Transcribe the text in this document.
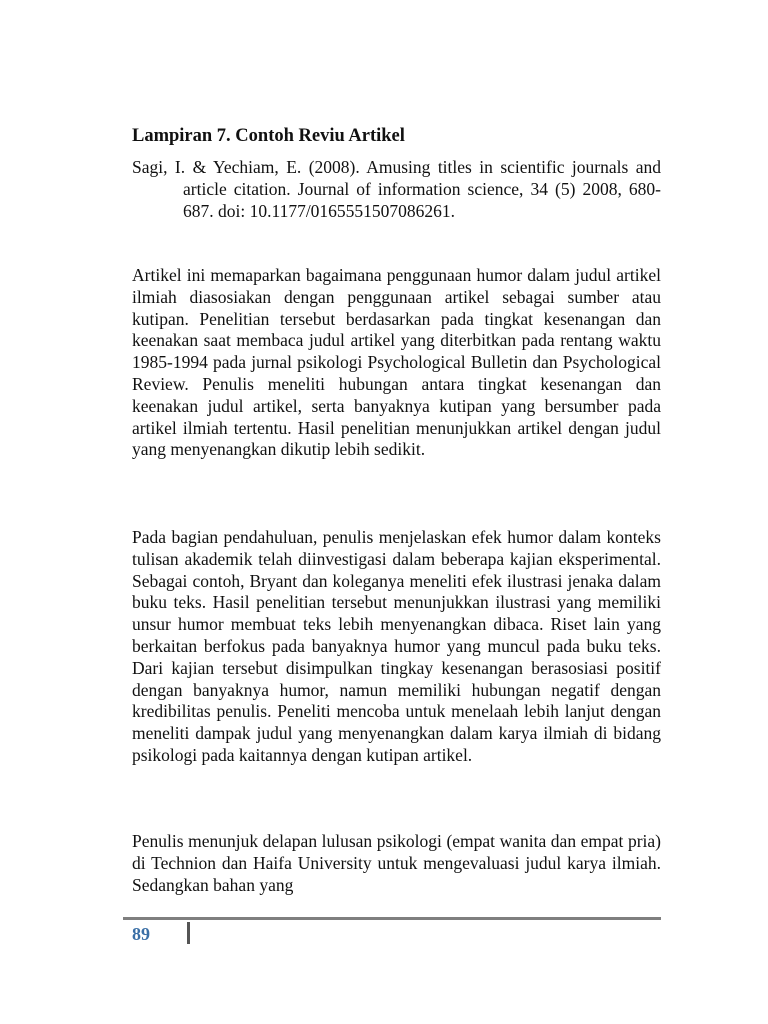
Lampiran 7. Contoh Reviu Artikel
Sagi, I. & Yechiam, E. (2008). Amusing titles in scientific journals and article citation. Journal of information science, 34 (5) 2008, 680-687. doi: 10.1177/0165551507086261.

Artikel ini memaparkan bagaimana penggunaan humor dalam judul artikel ilmiah diasosiakan dengan penggunaan artikel sebagai sumber atau kutipan. Penelitian tersebut berdasarkan pada tingkat kesenangan dan keenakan saat membaca judul artikel yang diterbitkan pada rentang waktu 1985-1994 pada jurnal psikologi Psychological Bulletin dan Psychological Review. Penulis meneliti hubungan antara tingkat kesenangan dan keenakan judul artikel, serta banyaknya kutipan yang bersumber pada artikel ilmiah tertentu. Hasil penelitian menunjukkan artikel dengan judul yang menyenangkan dikutip lebih sedikit.

Pada bagian pendahuluan, penulis menjelaskan efek humor dalam konteks tulisan akademik telah diinvestigasi dalam beberapa kajian eksperimental. Sebagai contoh, Bryant dan koleganya meneliti efek ilustrasi jenaka dalam buku teks. Hasil penelitian tersebut menunjukkan ilustrasi yang memiliki unsur humor membuat teks lebih menyenangkan dibaca. Riset lain yang berkaitan berfokus pada banyaknya humor yang muncul pada buku teks. Dari kajian tersebut disimpulkan tingkay kesenangan berasosiasi positif dengan banyaknya humor, namun memiliki hubungan negatif dengan kredibilitas penulis. Peneliti mencoba untuk menelaah lebih lanjut dengan meneliti dampak judul yang menyenangkan dalam karya ilmiah di bidang psikologi pada kaitannya dengan kutipan artikel.

Penulis menunjuk delapan lulusan psikologi (empat wanita dan empat pria) di Technion dan Haifa University untuk mengevaluasi judul karya ilmiah. Sedangkan bahan yang

89
